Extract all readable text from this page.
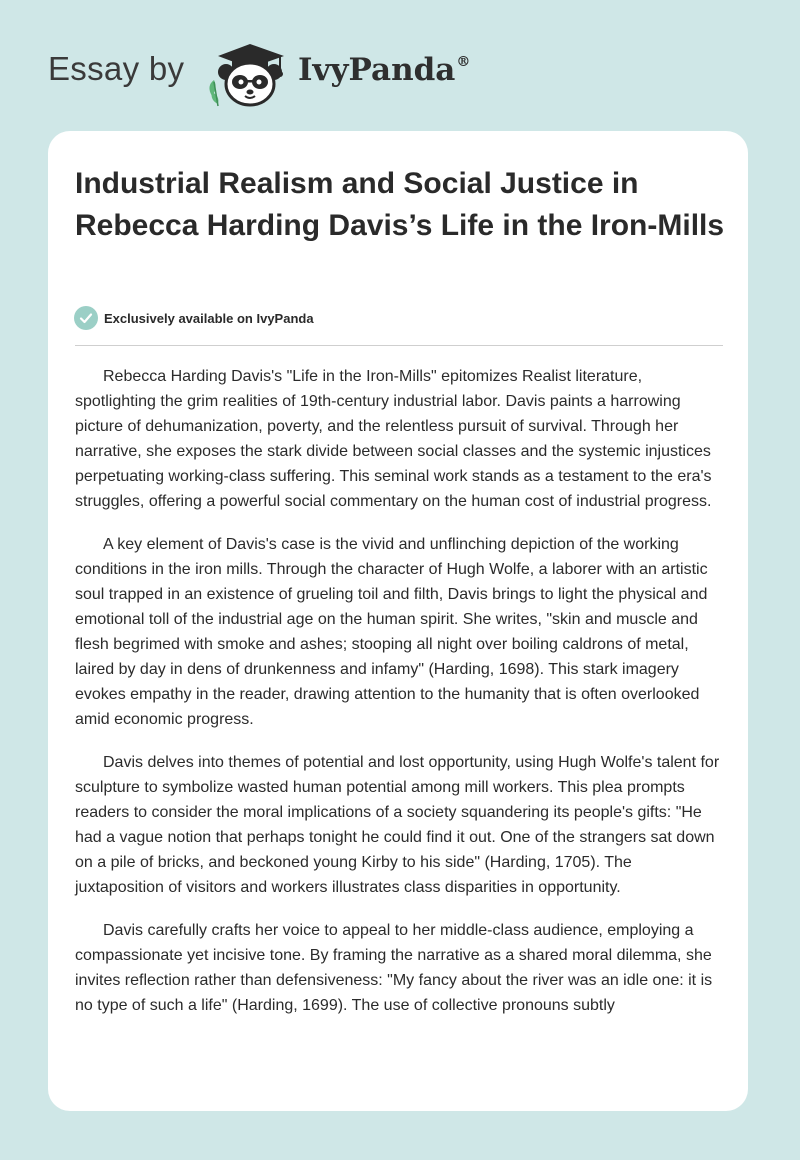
Essay by	IvyPanda®
Industrial Realism and Social Justice in Rebecca Harding Davis’s Life in the Iron-Mills
Exclusively available on IvyPanda

Rebecca Harding Davis's "Life in the Iron-Mills" epitomizes Realist literature, spotlighting the grim realities of 19th-century industrial labor. Davis paints a harrowing picture of dehumanization, poverty, and the relentless pursuit of survival. Through her narrative, she exposes the stark divide between social classes and the systemic injustices perpetuating working-class suffering. This seminal work stands as a testament to the era's struggles, offering a powerful social commentary on the human cost of industrial progress.

A key element of Davis's case is the vivid and unflinching depiction of the working conditions in the iron mills. Through the character of Hugh Wolfe, a laborer with an artistic soul trapped in an existence of grueling toil and filth, Davis brings to light the physical and emotional toll of the industrial age on the human spirit. She writes, "skin and muscle and flesh begrimed with smoke and ashes; stooping all night over boiling caldrons of metal, laired by day in dens of drunkenness and infamy" (Harding, 1698). This stark imagery evokes empathy in the reader, drawing attention to the humanity that is often overlooked amid economic progress.

Davis delves into themes of potential and lost opportunity, using Hugh Wolfe's talent for sculpture to symbolize wasted human potential among mill workers. This plea prompts readers to consider the moral implications of a society squandering its people's gifts: "He had a vague notion that perhaps tonight he could find it out. One of the strangers sat down on a pile of bricks, and beckoned young Kirby to his side" (Harding, 1705). The juxtaposition of visitors and workers illustrates class disparities in opportunity.

Davis carefully crafts her voice to appeal to her middle-class audience, employing a compassionate yet incisive tone. By framing the narrative as a shared moral dilemma, she invites reflection rather than defensiveness: "My fancy about the river was an idle one: it is no type of such a life" (Harding, 1699). The use of collective pronouns subtly
